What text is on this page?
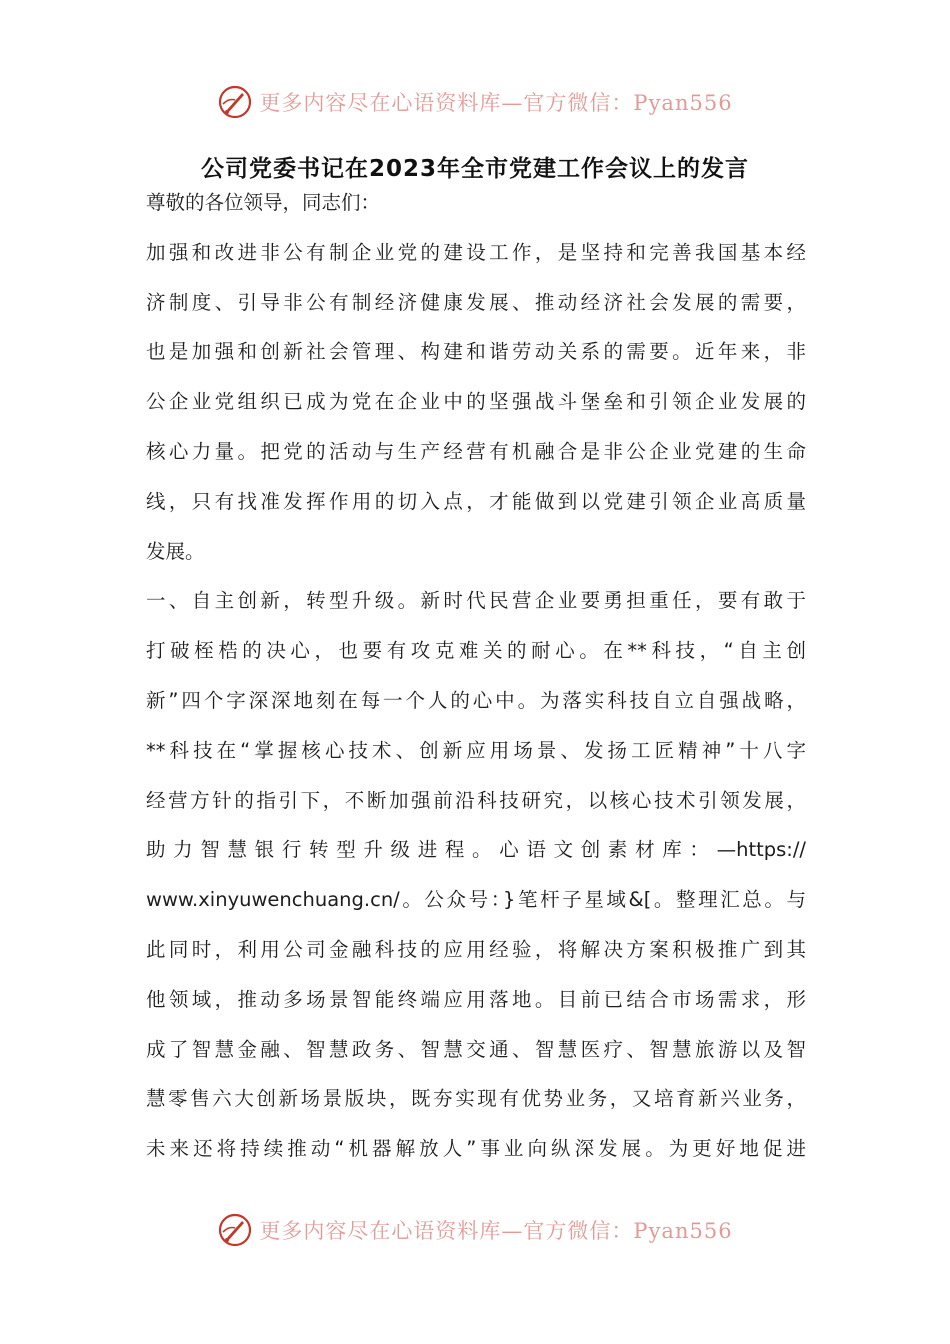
更多内容尽在心语资料库—官方微信：Pyan556
公司党委书记在2023年全市党建工作会议上的发言
尊敬的各位领导，同志们：
加强和改进非公有制企业党的建设工作，是坚持和完善我国基本经
济制度、引导非公有制经济健康发展、推动经济社会发展的需要，
也是加强和创新社会管理、构建和谐劳动关系的需要。近年来，非
公企业党组织已成为党在企业中的坚强战斗堡垒和引领企业发展的
核心力量。把党的活动与生产经营有机融合是非公企业党建的生命
线，只有找准发挥作用的切入点，才能做到以党建引领企业高质量
发展。
一、自主创新，转型升级。新时代民营企业要勇担重任，要有敢于
打破桎梏的决心，也要有攻克难关的耐心。在**科技，“自主创
新”四个字深深地刻在每一个人的心中。为落实科技自立自强战略，
**科技在“掌握核心技术、创新应用场景、发扬工匠精神”十八字
经营方针的指引下，不断加强前沿科技研究，以核心技术引领发展，
助力智慧银行转型升级进程。心语文创素材库：—https://
www.xinyuwenchuang.cn/。公众号：}笔杆子星域&[。整理汇总。与
此同时，利用公司金融科技的应用经验，将解决方案积极推广到其
他领域，推动多场景智能终端应用落地。目前已结合市场需求，形
成了智慧金融、智慧政务、智慧交通、智慧医疗、智慧旅游以及智
慧零售六大创新场景版块，既夯实现有优势业务，又培育新兴业务，
未来还将持续推动“机器解放人”事业向纵深发展。为更好地促进
更多内容尽在心语资料库—官方微信：Pyan556
